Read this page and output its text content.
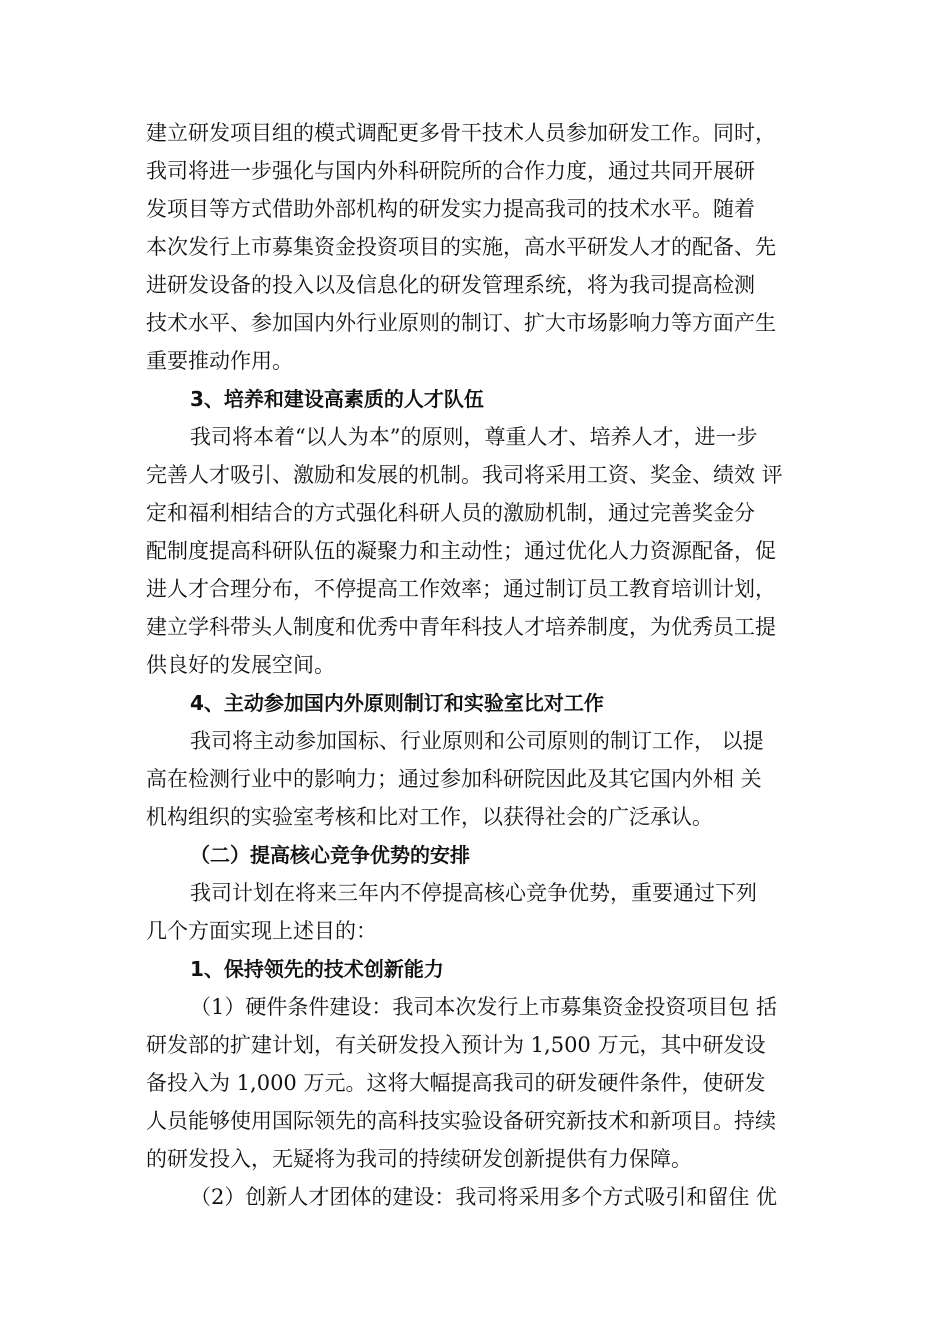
建立研发项目组的模式调配更多骨干技术人员参加研发工作。同时，
我司将进一步强化与国内外科研院所的合作力度，通过共同开展研
发项目等方式借助外部机构的研发实力提高我司的技术水平。随着
本次发行上市募集资金投资项目的实施，高水平研发人才的配备、先
进研发设备的投入以及信息化的研发管理系统，将为我司提高检测
技术水平、参加国内外行业原则的制订、扩大市场影响力等方面产生
重要推动作用。
3、培养和建设高素质的人才队伍
我司将本着“以人为本”的原则，尊重人才、培养人才，进一步
完善人才吸引、激励和发展的机制。我司将采用工资、奖金、绩效 评
定和福利相结合的方式强化科研人员的激励机制，通过完善奖金分
配制度提高科研队伍的凝聚力和主动性；通过优化人力资源配备，促
进人才合理分布，不停提高工作效率；通过制订员工教育培训计划，
建立学科带头人制度和优秀中青年科技人才培养制度，为优秀员工提
供良好的发展空间。
4、主动参加国内外原则制订和实验室比对工作
我司将主动参加国标、行业原则和公司原则的制订工作， 以提
高在检测行业中的影响力；通过参加科研院因此及其它国内外相 关
机构组织的实验室考核和比对工作，以获得社会的广泛承认。
（二）提高核心竞争优势的安排
我司计划在将来三年内不停提高核心竞争优势，重要通过下列
几个方面实现上述目的：
1、保持领先的技术创新能力
（1）硬件条件建设：我司本次发行上市募集资金投资项目包 括
研发部的扩建计划，有关研发投入预计为 1,500 万元，其中研发设
备投入为 1,000 万元。这将大幅提高我司的研发硬件条件，使研发
人员能够使用国际领先的高科技实验设备研究新技术和新项目。持续
的研发投入，无疑将为我司的持续研发创新提供有力保障。
（2）创新人才团体的建设：我司将采用多个方式吸引和留住 优
